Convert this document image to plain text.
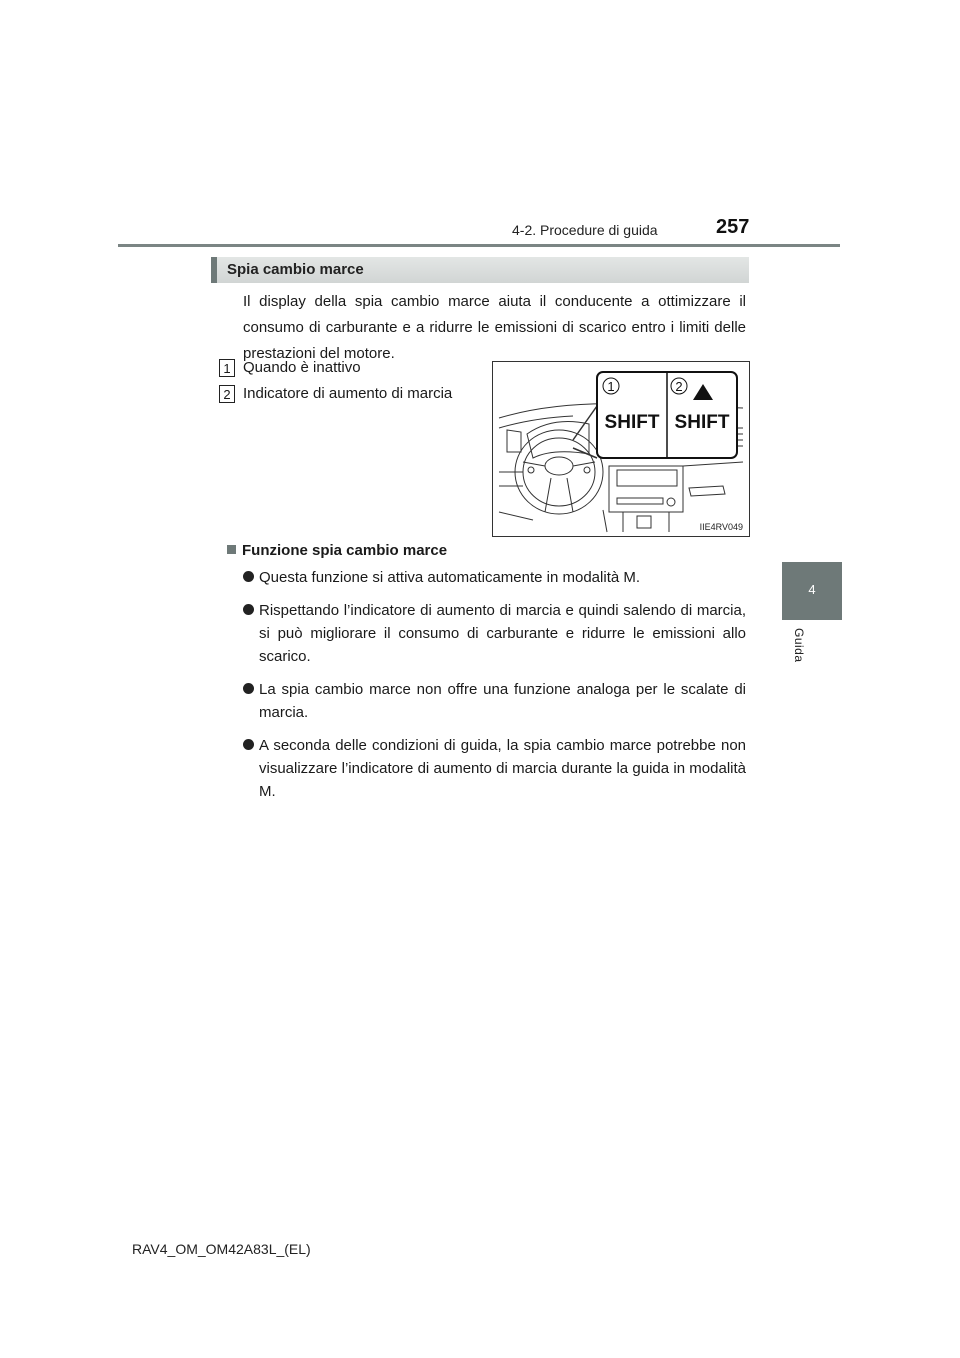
4-2. Procedure di guida	257
4
Guida
Spia cambio marce
Il display della spia cambio marce aiuta il conducente a ottimizzare il consumo di carburante e a ridurre le emissioni di scarico entro i limiti delle prestazioni del motore.
1 Quando è inattivo
2 Indicatore di aumento di marcia	1	2
SHIFT SHIFT
IIE4RV049
Funzione spia cambio marce
Questa funzione si attiva automaticamente in modalità M.
Rispettando l’indicatore di aumento di marcia e quindi salendo di marcia, si può migliorare il consumo di carburante e ridurre le emissioni allo scarico.
La spia cambio marce non offre una funzione analoga per le scalate di marcia.
A seconda delle condizioni di guida, la spia cambio marce potrebbe non visualizzare l’indicatore di aumento di marcia durante la guida in modalità M.
RAV4_OM_OM42A83L_(EL)
